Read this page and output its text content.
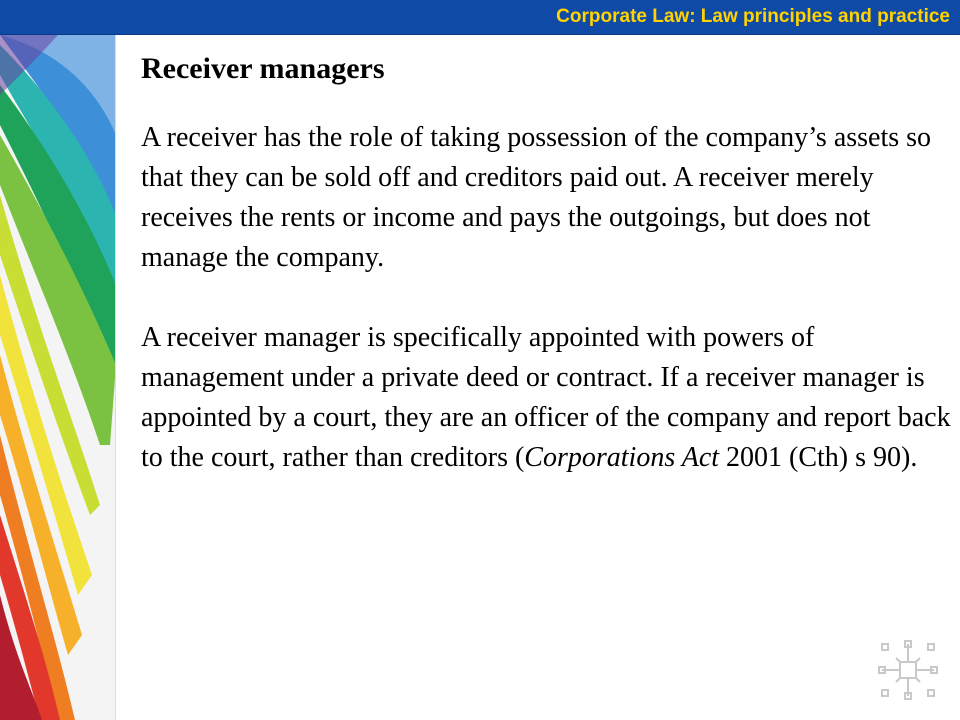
Corporate Law: Law principles and practice
Receiver managers

A receiver has the role of taking possession of the company’s assets so that they can be sold off and creditors paid out. A receiver merely receives the rents or income and pays the outgoings, but does not manage the company.

A receiver manager is specifically appointed with powers of management under a private deed or contract. If a receiver manager is appointed by a court, they are an officer of the company and report back to the court, rather than creditors (Corporations Act 2001 (Cth) s 90).
